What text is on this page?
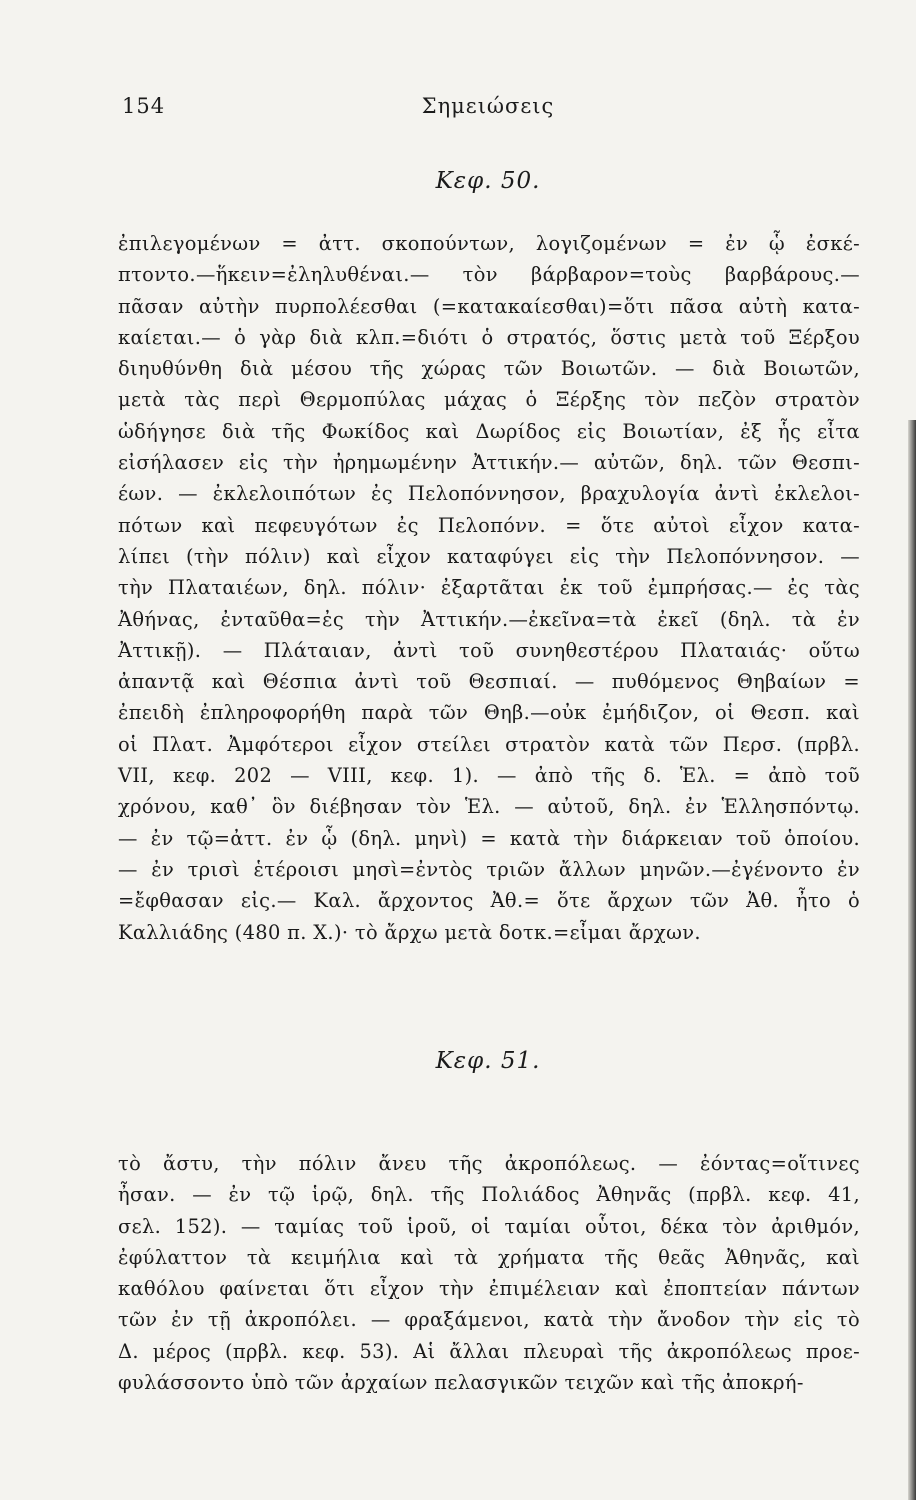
154	Σημειώσεις
Κεφ. 50.
ἐπιλεγομένων = ἀττ. σκοπούντων, λογιζομένων = ἐν ᾧ ἐσκέ-
πτοντο.—ἥκειν=ἐληλυθέναι.— τὸν βάρβαρον=τοὺς βαρβάρους.—
πᾶσαν αὐτὴν πυρπολέεσθαι (=κατακαίεσθαι)=ὅτι πᾶσα αὐτὴ κατα-
καίεται.— ὁ γὰρ διὰ κλπ.=διότι ὁ στρατός, ὅστις μετὰ τοῦ Ξέρξου
διηυθύνθη διὰ μέσου τῆς χώρας τῶν Βοιωτῶν. — διὰ Βοιωτῶν,
μετὰ τὰς περὶ Θερμοπύλας μάχας ὁ Ξέρξης τὸν πεζὸν στρατὸν
ὡδήγησε διὰ τῆς Φωκίδος καὶ Δωρίδος εἰς Βοιωτίαν, ἐξ ἧς εἶτα
εἰσήλασεν εἰς τὴν ἠρημωμένην Ἀττικήν.— αὐτῶν, δηλ. τῶν Θεσπι-
έων. — ἐκλελοιπότων ἐς Πελοπόννησον, βραχυλογία ἀντὶ ἐκλελοι-
πότων καὶ πεφευγότων ἐς Πελοπόνν. = ὅτε αὐτοὶ εἶχον κατα-
λίπει (τὴν πόλιν) καὶ εἶχον καταφύγει εἰς τὴν Πελοπόννησον. —
τὴν Πλαταιέων, δηλ. πόλιν· ἐξαρτᾶται ἐκ τοῦ ἐμπρήσας.— ἐς τὰς
Ἀθήνας, ἐνταῦθα=ἐς τὴν Ἀττικήν.—ἐκεῖνα=τὰ ἐκεῖ (δηλ. τὰ ἐν
Ἀττικῇ). — Πλάταιαν, ἀντὶ τοῦ συνηθεστέρου Πλαταιάς· οὕτω
ἀπαντᾷ καὶ Θέσπια ἀντὶ τοῦ Θεσπιαί. — πυθόμενος Θηβαίων =
ἐπειδὴ ἐπληροφορήθη παρὰ τῶν Θηβ.—οὐκ ἐμήδιζον, οἱ Θεσπ. καὶ
οἱ Πλατ. Ἀμφότεροι εἶχον στείλει στρατὸν κατὰ τῶν Περσ. (πρβλ.
VII, κεφ. 202 — VIII, κεφ. 1). — ἀπὸ τῆς δ. Ἑλ. = ἀπὸ τοῦ
χρόνου, καθ᾽ ὃν διέβησαν τὸν Ἑλ. — αὐτοῦ, δηλ. ἐν Ἑλλησπόντῳ.
— ἐν τῷ=ἀττ. ἐν ᾧ (δηλ. μηνὶ) = κατὰ τὴν διάρκειαν τοῦ ὁποίου.
— ἐν τρισὶ ἑτέροισι μησὶ=ἐντὸς τριῶν ἄλλων μηνῶν.—ἐγένοντο ἐν
=ἔφθασαν εἰς.— Καλ. ἄρχοντος Ἀθ.= ὅτε ἄρχων τῶν Ἀθ. ἦτο ὁ
Καλλιάδης (480 π. Χ.)· τὸ ἄρχω μετὰ δοτκ.=εἶμαι ἄρχων.
Κεφ. 51.
τὸ ἄστυ, τὴν πόλιν ἄνευ τῆς ἀκροπόλεως. — ἐόντας=οἵτινες
ἦσαν. — ἐν τῷ ἱρῷ, δηλ. τῆς Πολιάδος Ἀθηνᾶς (πρβλ. κεφ. 41,
σελ. 152). — ταμίας τοῦ ἱροῦ, οἱ ταμίαι οὗτοι, δέκα τὸν ἀριθμόν,
ἐφύλαττον τὰ κειμήλια καὶ τὰ χρήματα τῆς θεᾶς Ἀθηνᾶς, καὶ
καθόλου φαίνεται ὅτι εἶχον τὴν ἐπιμέλειαν καὶ ἐποπτείαν πάντων
τῶν ἐν τῇ ἀκροπόλει. — φραξάμενοι, κατὰ τὴν ἄνοδον τὴν εἰς τὸ
Δ. μέρος (πρβλ. κεφ. 53). Αἱ ἄλλαι πλευραὶ τῆς ἀκροπόλεως προε-
φυλάσσοντο ὑπὸ τῶν ἀρχαίων πελασγικῶν τειχῶν καὶ τῆς ἀποκρή-
